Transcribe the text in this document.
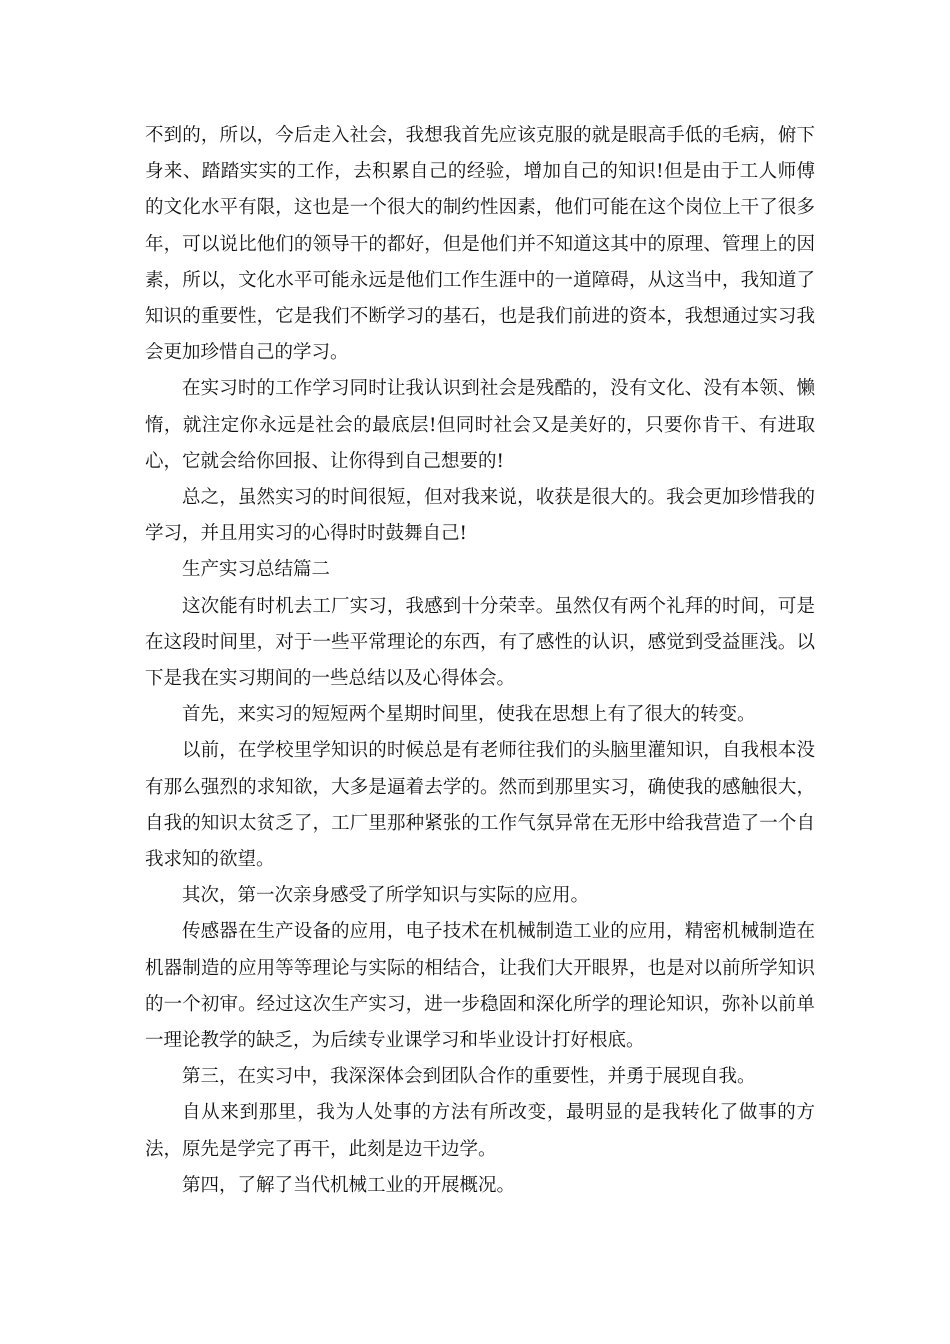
不到的，所以，今后走入社会，我想我首先应该克服的就是眼高手低的毛病，俯下身来、踏踏实实的工作，去积累自己的经验，增加自己的知识!但是由于工人师傅的文化水平有限，这也是一个很大的制约性因素，他们可能在这个岗位上干了很多年，可以说比他们的领导干的都好，但是他们并不知道这其中的原理、管理上的因素，所以，文化水平可能永远是他们工作生涯中的一道障碍，从这当中，我知道了知识的重要性，它是我们不断学习的基石，也是我们前进的资本，我想通过实习我会更加珍惜自己的学习。

在实习时的工作学习同时让我认识到社会是残酷的，没有文化、没有本领、懒惰，就注定你永远是社会的最底层!但同时社会又是美好的，只要你肯干、有进取心，它就会给你回报、让你得到自己想要的!

总之，虽然实习的时间很短，但对我来说，收获是很大的。我会更加珍惜我的学习，并且用实习的心得时时鼓舞自己!

生产实习总结篇二

这次能有时机去工厂实习，我感到十分荣幸。虽然仅有两个礼拜的时间，可是在这段时间里，对于一些平常理论的东西，有了感性的认识，感觉到受益匪浅。以下是我在实习期间的一些总结以及心得体会。

首先，来实习的短短两个星期时间里，使我在思想上有了很大的转变。

以前，在学校里学知识的时候总是有老师往我们的头脑里灌知识，自我根本没有那么强烈的求知欲，大多是逼着去学的。然而到那里实习，确使我的感触很大，自我的知识太贫乏了，工厂里那种紧张的工作气氛异常在无形中给我营造了一个自我求知的欲望。

其次，第一次亲身感受了所学知识与实际的应用。

传感器在生产设备的应用，电子技术在机械制造工业的应用，精密机械制造在机器制造的应用等等理论与实际的相结合，让我们大开眼界，也是对以前所学知识的一个初审。经过这次生产实习，进一步稳固和深化所学的理论知识，弥补以前单一理论教学的缺乏，为后续专业课学习和毕业设计打好根底。

第三，在实习中，我深深体会到团队合作的重要性，并勇于展现自我。

自从来到那里，我为人处事的方法有所改变，最明显的是我转化了做事的方法，原先是学完了再干，此刻是边干边学。

第四，了解了当代机械工业的开展概况。
